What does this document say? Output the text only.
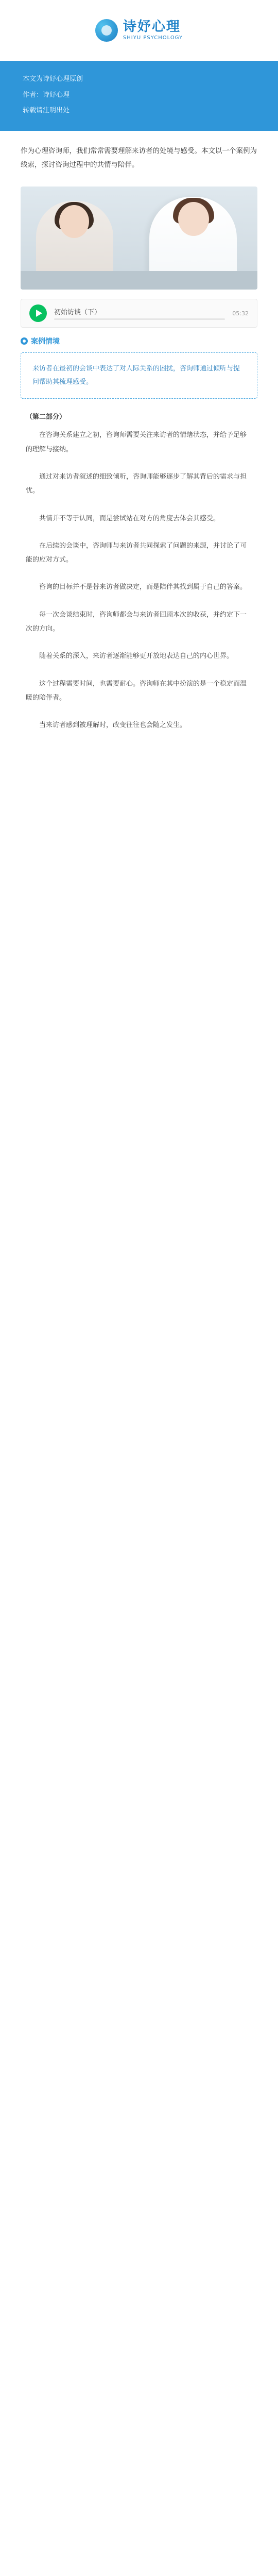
诗妤心理
SHIYU PSYCHOLOGY

本文为诗妤心理原创

作者：诗妤心理

转载请注明出处

作为心理咨询师，我们常常需要理解来访者的处境与感受。本文以一个案例为线索，探讨咨询过程中的共情与陪伴。
初始访谈（下）	05:32
案例情境
来访者在最初的会谈中表达了对人际关系的困扰，咨询师通过倾听与提问帮助其梳理感受。
（第二部分）

在咨询关系建立之初，咨询师需要关注来访者的情绪状态，并给予足够的理解与接纳。

通过对来访者叙述的细致倾听，咨询师能够逐步了解其背后的需求与担忧。

共情并不等于认同，而是尝试站在对方的角度去体会其感受。

在后续的会谈中，咨询师与来访者共同探索了问题的来源，并讨论了可能的应对方式。

咨询的目标并不是替来访者做决定，而是陪伴其找到属于自己的答案。

每一次会谈结束时，咨询师都会与来访者回顾本次的收获，并约定下一次的方向。

随着关系的深入，来访者逐渐能够更开放地表达自己的内心世界。

这个过程需要时间，也需要耐心。咨询师在其中扮演的是一个稳定而温暖的陪伴者。

当来访者感到被理解时，改变往往也会随之发生。
